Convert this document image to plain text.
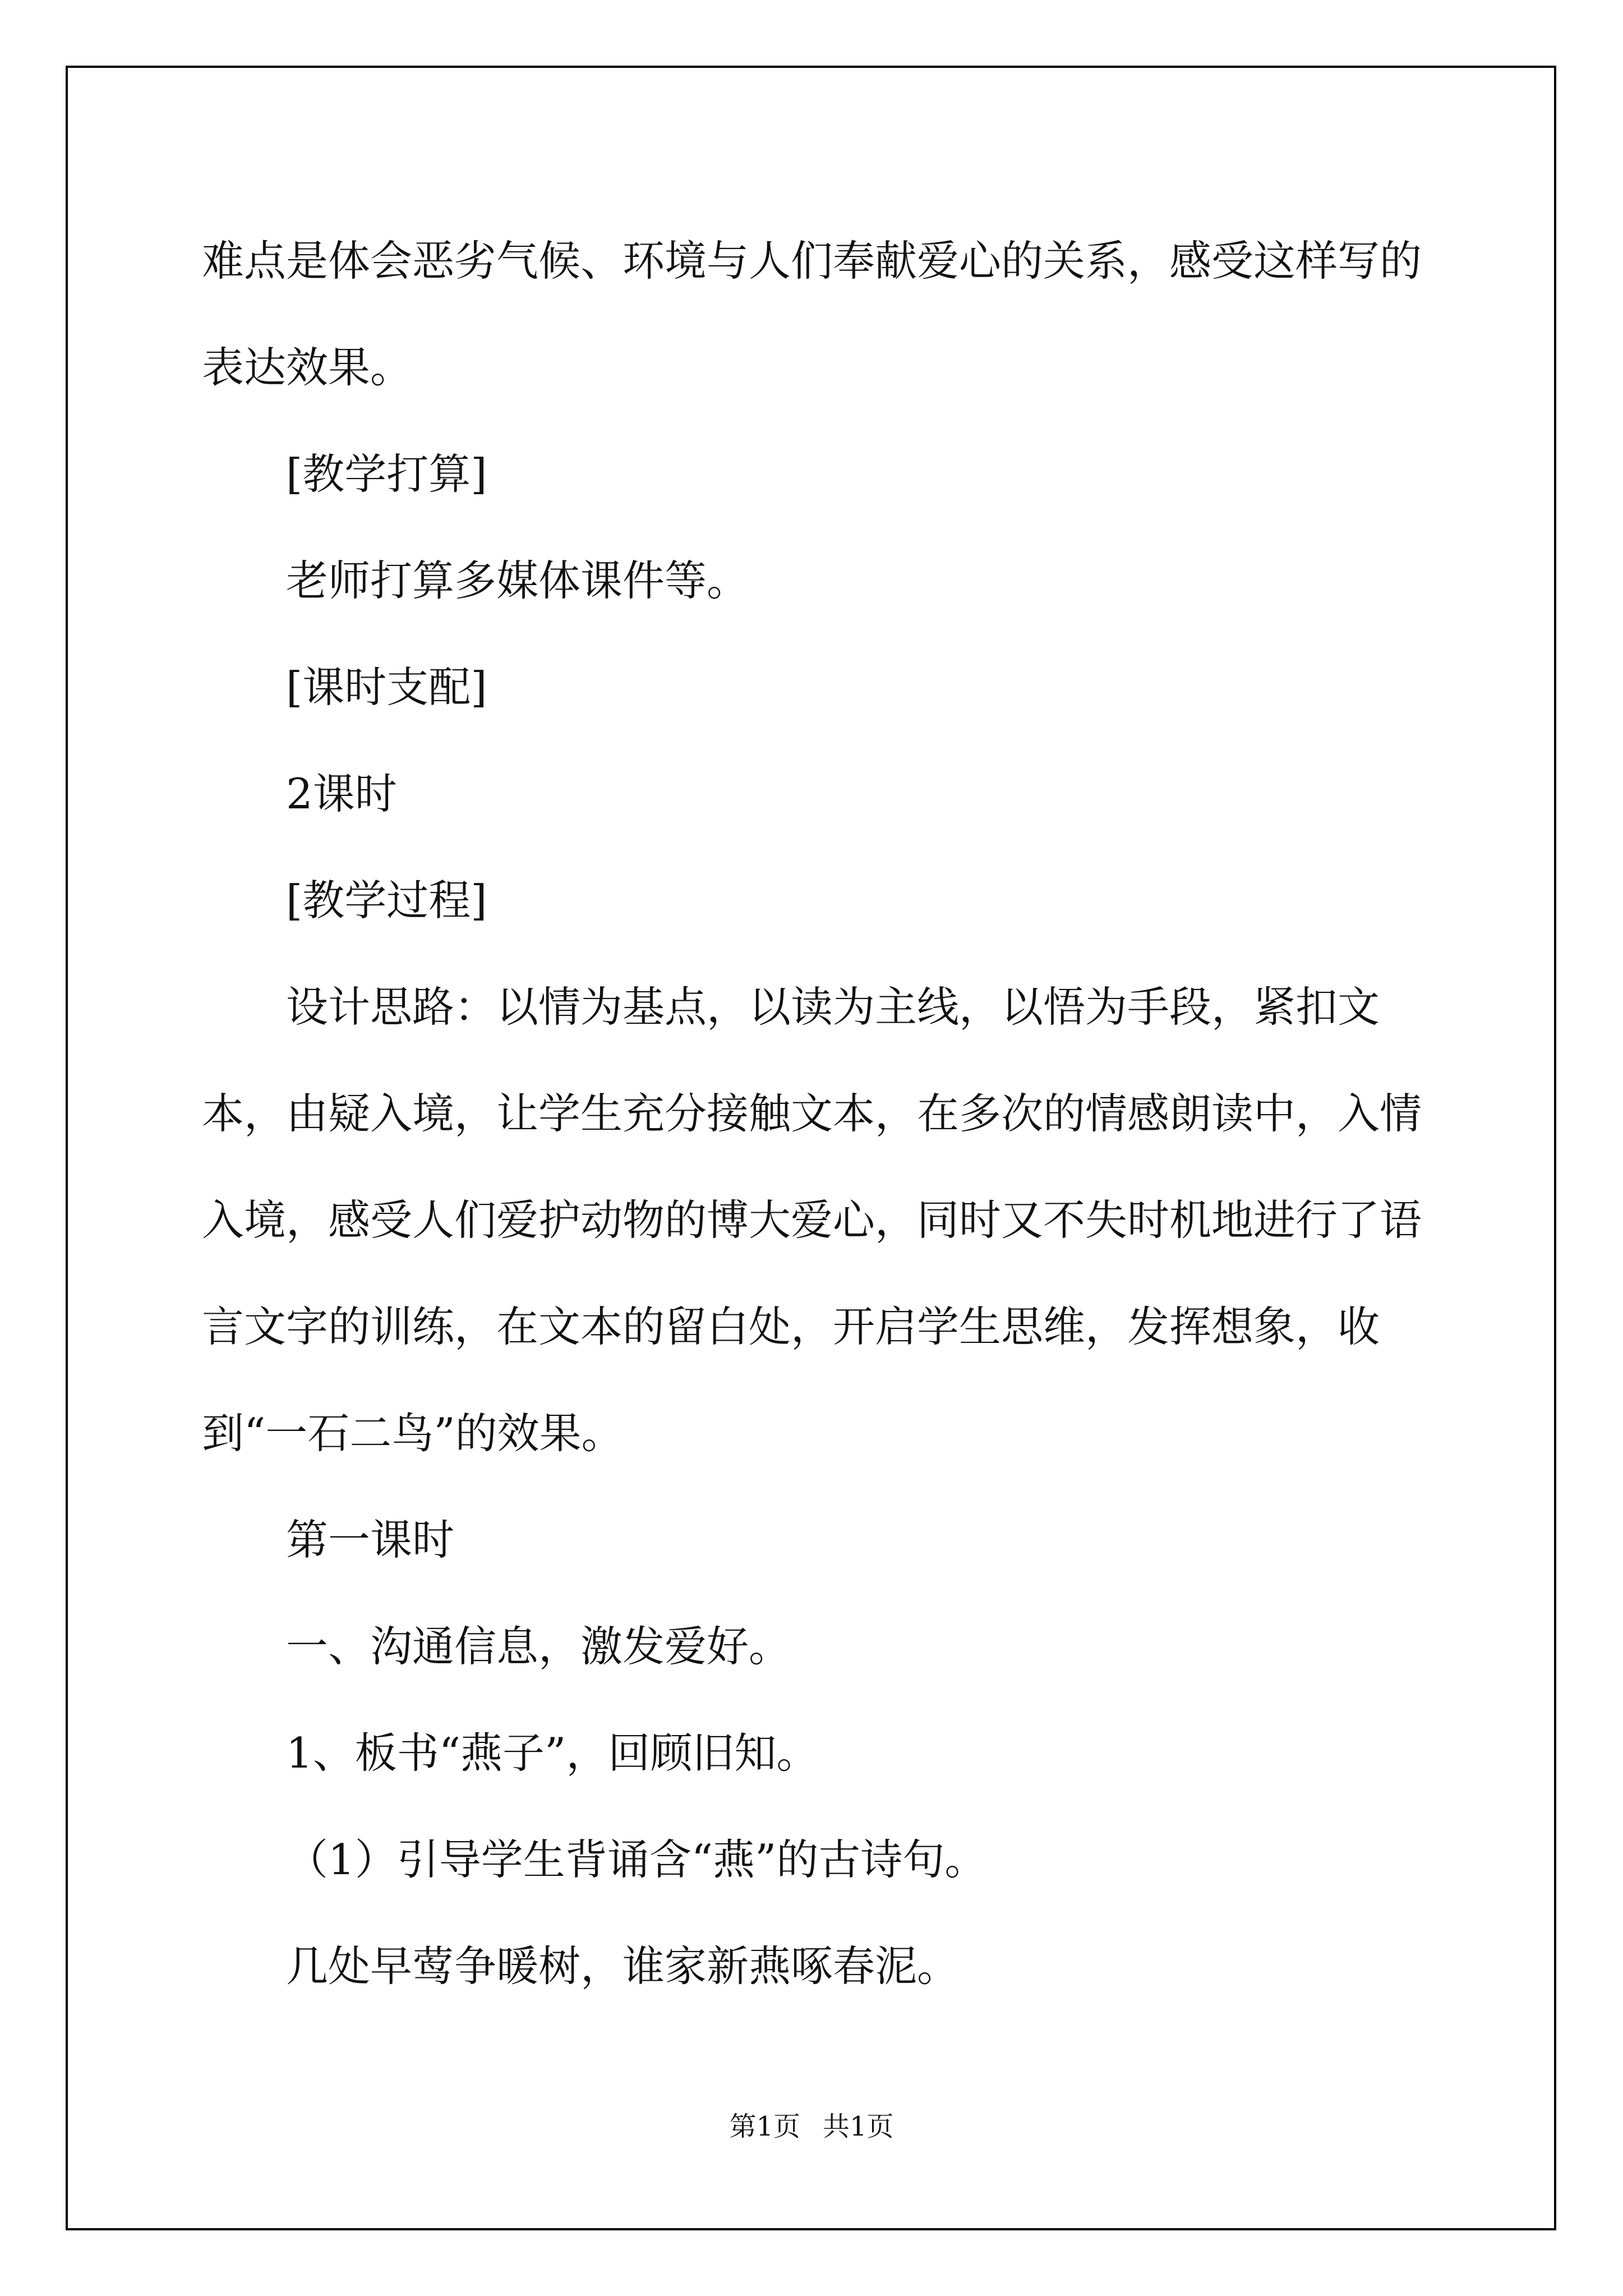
难点是体会恶劣气候、环境与人们奉献爱心的关系，感受这样写的表达效果。

[教学打算]

老师打算多媒体课件等。

[课时支配]

2课时

[教学过程]

设计思路：以情为基点，以读为主线，以悟为手段，紧扣文本，由疑入境，让学生充分接触文本，在多次的情感朗读中，入情入境，感受人们爱护动物的博大爱心，同时又不失时机地进行了语言文字的训练，在文本的留白处，开启学生思维，发挥想象，收到“一石二鸟”的效果。

第一课时

一、沟通信息，激发爱好。

1、板书“燕子”，回顾旧知。

（1）引导学生背诵含“燕”的古诗句。

几处早莺争暖树，谁家新燕啄春泥。

第1页 共1页
